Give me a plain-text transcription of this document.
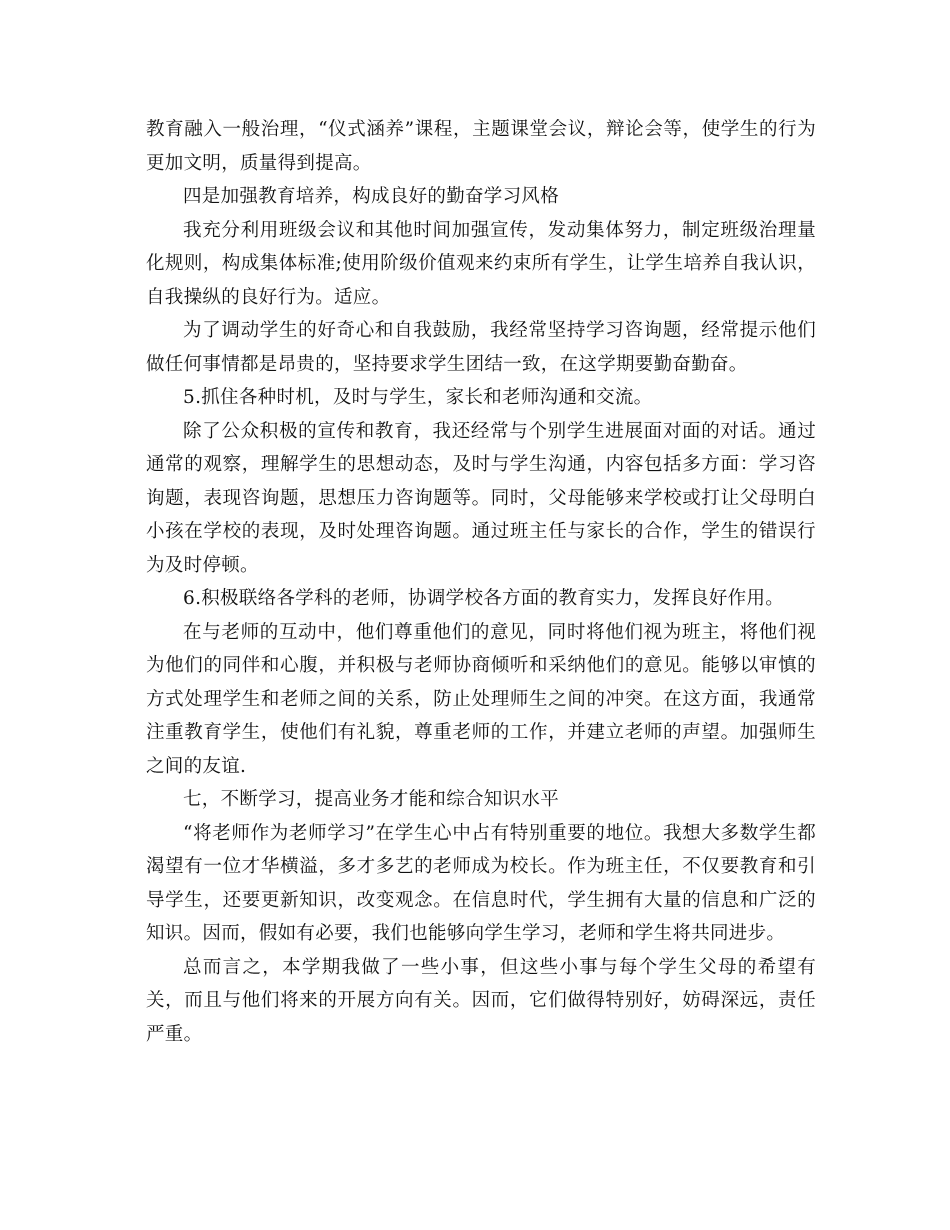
教育融入一般治理，“仪式涵养”课程，主题课堂会议，辩论会等，使学生的行为更加文明，质量得到提高。

四是加强教育培养，构成良好的勤奋学习风格

我充分利用班级会议和其他时间加强宣传，发动集体努力，制定班级治理量化规则，构成集体标准;使用阶级价值观来约束所有学生，让学生培养自我认识，自我操纵的良好行为。适应。

为了调动学生的好奇心和自我鼓励，我经常坚持学习咨询题，经常提示他们做任何事情都是昂贵的，坚持要求学生团结一致，在这学期要勤奋勤奋。

5.抓住各种时机，及时与学生，家长和老师沟通和交流。

除了公众积极的宣传和教育，我还经常与个别学生进展面对面的对话。通过通常的观察，理解学生的思想动态，及时与学生沟通，内容包括多方面：学习咨询题，表现咨询题，思想压力咨询题等。同时，父母能够来学校或打让父母明白小孩在学校的表现，及时处理咨询题。通过班主任与家长的合作，学生的错误行为及时停顿。

6.积极联络各学科的老师，协调学校各方面的教育实力，发挥良好作用。

在与老师的互动中，他们尊重他们的意见，同时将他们视为班主，将他们视为他们的同伴和心腹，并积极与老师协商倾听和采纳他们的意见。能够以审慎的方式处理学生和老师之间的关系，防止处理师生之间的冲突。在这方面，我通常注重教育学生，使他们有礼貌，尊重老师的工作，并建立老师的声望。加强师生之间的友谊.

七，不断学习，提高业务才能和综合知识水平

“将老师作为老师学习”在学生心中占有特别重要的地位。我想大多数学生都渴望有一位才华横溢，多才多艺的老师成为校长。作为班主任，不仅要教育和引导学生，还要更新知识，改变观念。在信息时代，学生拥有大量的信息和广泛的知识。因而，假如有必要，我们也能够向学生学习，老师和学生将共同进步。

总而言之，本学期我做了一些小事，但这些小事与每个学生父母的希望有关，而且与他们将来的开展方向有关。因而，它们做得特别好，妨碍深远，责任严重。
